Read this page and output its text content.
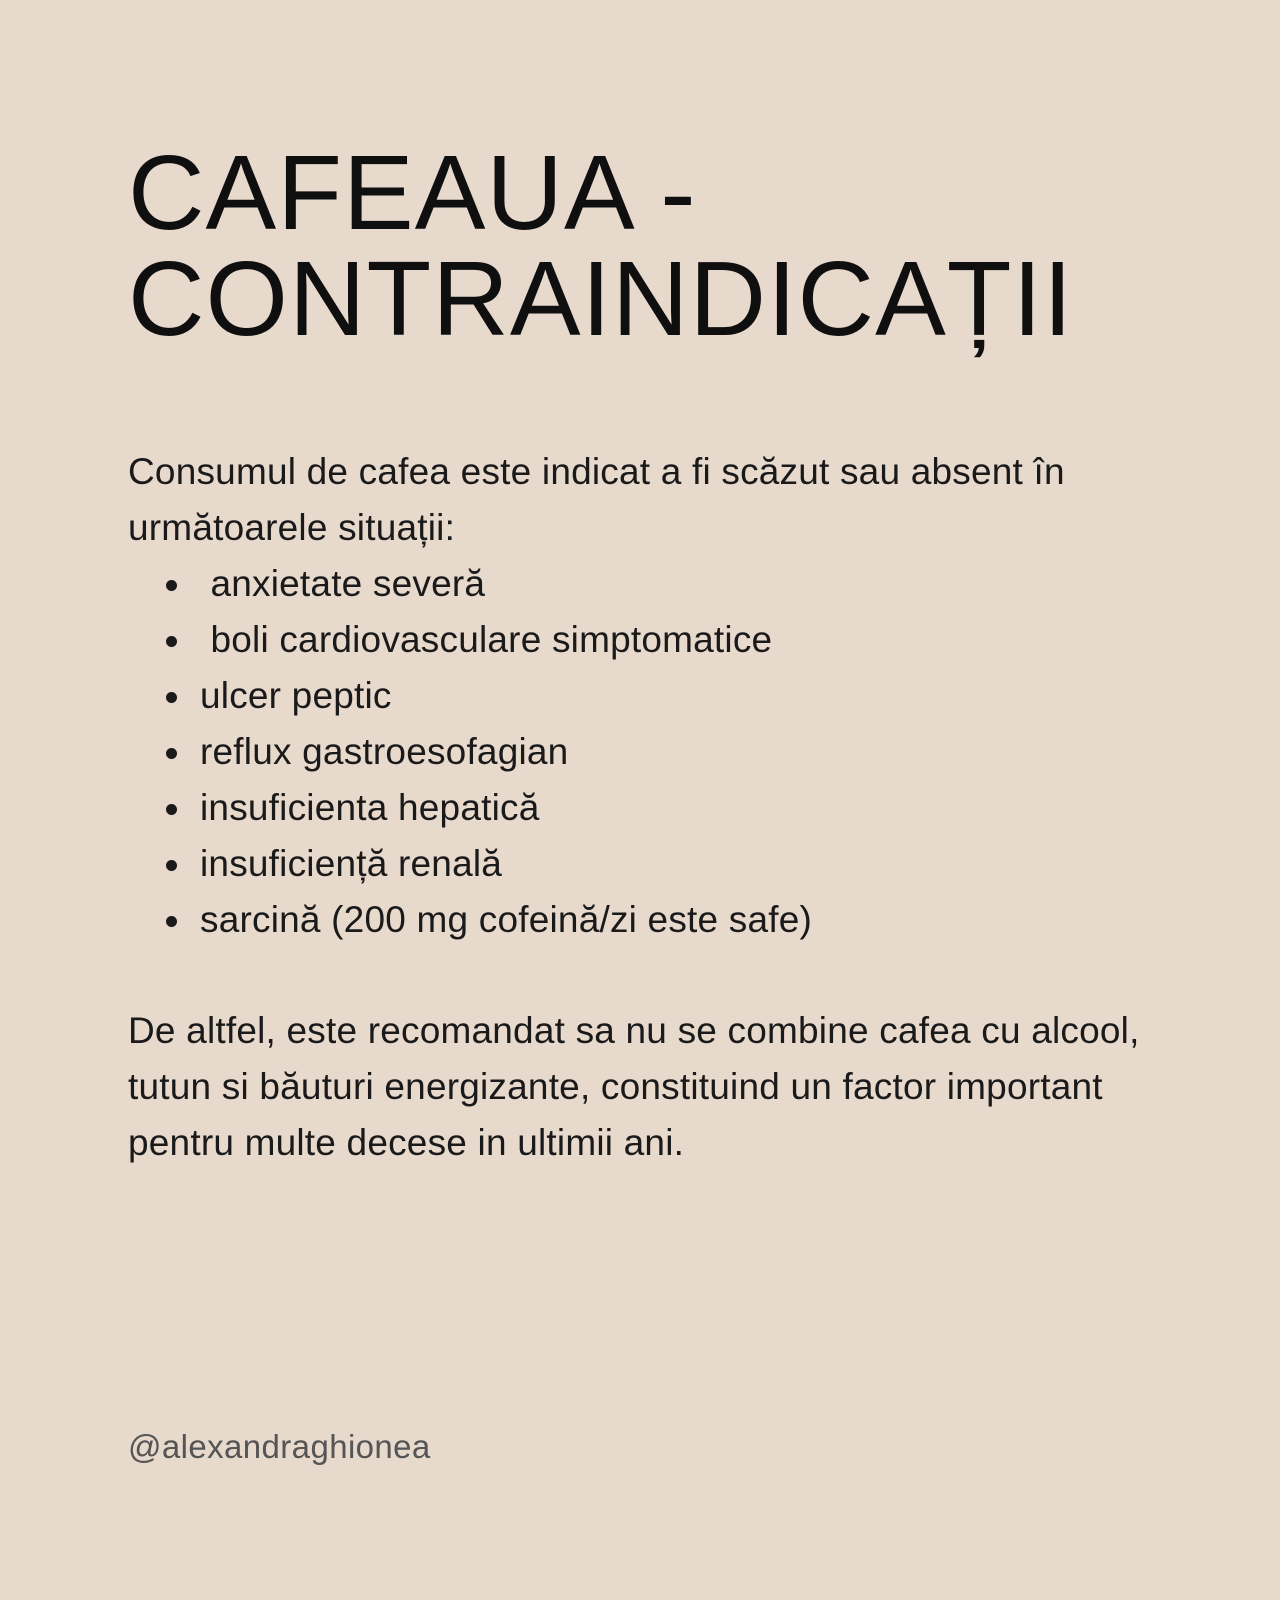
CAFEAUA -
CONTRAINDICAȚII

Consumul de cafea este indicat a fi scăzut sau absent în următoarele situații:

anxietate severă
boli cardiovasculare simptomatice
ulcer peptic
reflux gastroesofagian
insuficienta hepatică
insuficiență renală
sarcină (200 mg cofeină/zi este safe)

De altfel, este recomandat sa nu se combine cafea cu alcool, tutun si băuturi energizante, constituind un factor important pentru multe decese in ultimii ani.

@alexandraghionea
